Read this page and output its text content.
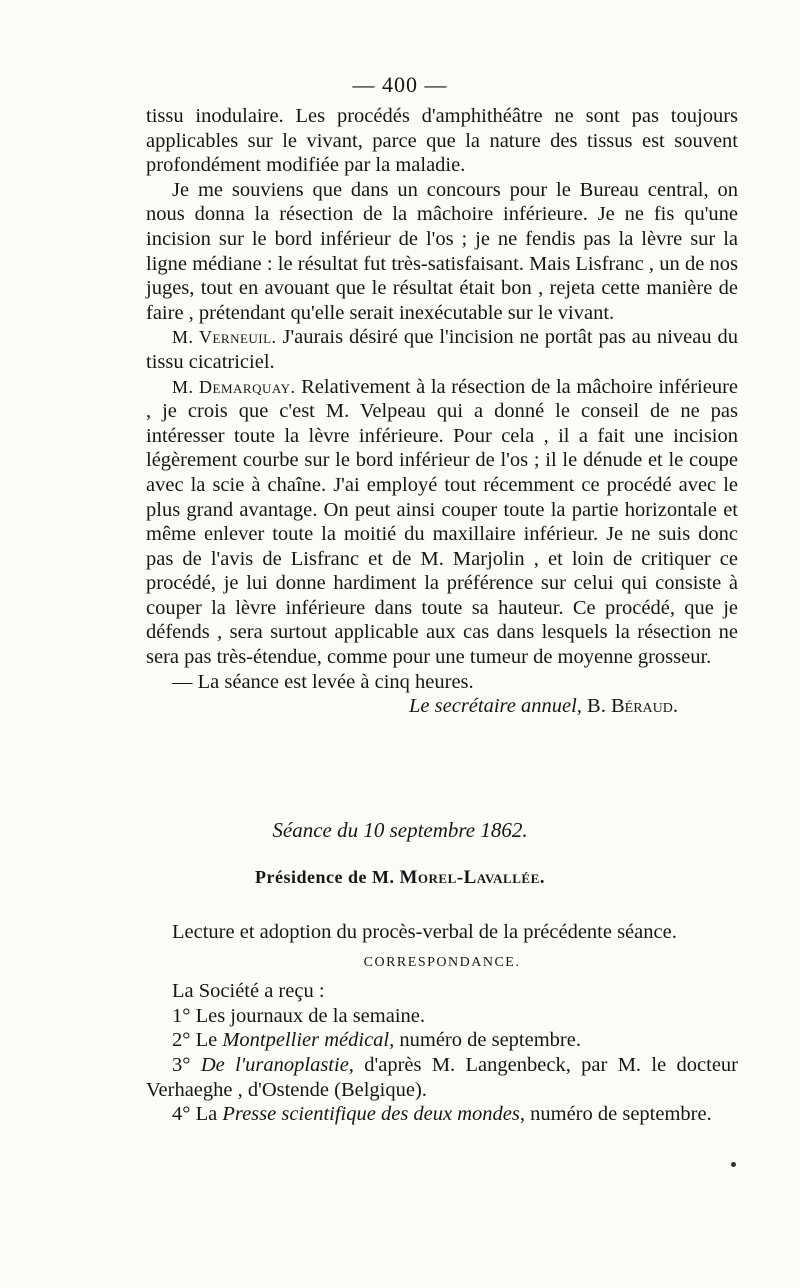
— 400 —

tissu inodulaire. Les procédés d'amphithéâtre ne sont pas toujours applicables sur le vivant, parce que la nature des tissus est souvent profondément modifiée par la maladie.

Je me souviens que dans un concours pour le Bureau central, on nous donna la résection de la mâchoire inférieure. Je ne fis qu'une incision sur le bord inférieur de l'os ; je ne fendis pas la lèvre sur la ligne médiane : le résultat fut très-satisfaisant. Mais Lisfranc , un de nos juges, tout en avouant que le résultat était bon , rejeta cette manière de faire , prétendant qu'elle serait inexécutable sur le vivant.

M. Verneuil. J'aurais désiré que l'incision ne portât pas au niveau du tissu cicatriciel.

M. Demarquay. Relativement à la résection de la mâchoire inférieure , je crois que c'est M. Velpeau qui a donné le conseil de ne pas intéresser toute la lèvre inférieure. Pour cela , il a fait une incision légèrement courbe sur le bord inférieur de l'os ; il le dénude et le coupe avec la scie à chaîne. J'ai employé tout récemment ce procédé avec le plus grand avantage. On peut ainsi couper toute la partie horizontale et même enlever toute la moitié du maxillaire inférieur. Je ne suis donc pas de l'avis de Lisfranc et de M. Marjolin , et loin de critiquer ce procédé, je lui donne hardiment la préférence sur celui qui consiste à couper la lèvre inférieure dans toute sa hauteur. Ce procédé, que je défends , sera surtout applicable aux cas dans lesquels la résection ne sera pas très-étendue, comme pour une tumeur de moyenne grosseur.

— La séance est levée à cinq heures.

Le secrétaire annuel, B. Béraud.

Séance du 10 septembre 1862.
Présidence de M. Morel-Lavallée.

Lecture et adoption du procès-verbal de la précédente séance.

CORRESPONDANCE.

La Société a reçu :

1° Les journaux de la semaine.

2° Le Montpellier médical, numéro de septembre.

3° De l'uranoplastie, d'après M. Langenbeck, par M. le docteur Verhaeghe , d'Ostende (Belgique).

4° La Presse scientifique des deux mondes, numéro de septembre.
